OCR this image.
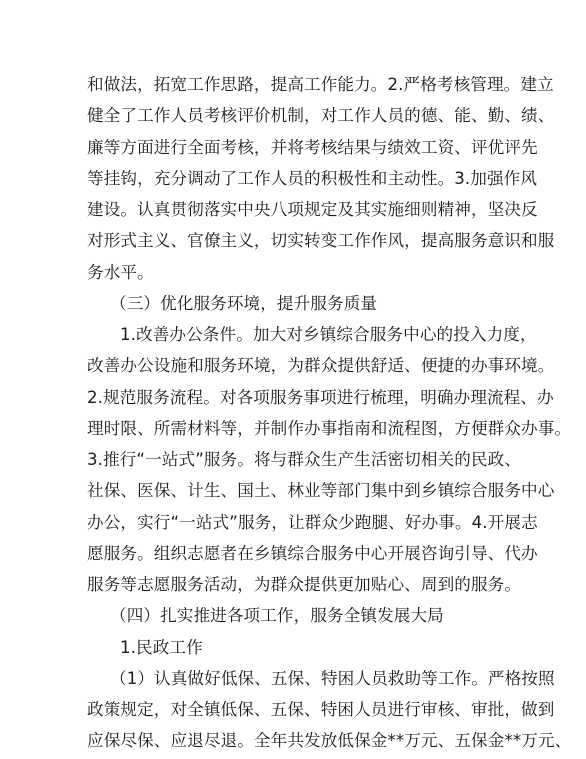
和做法，拓宽工作思路，提高工作能力。2.严格考核管理。建立
健全了工作人员考核评价机制，对工作人员的德、能、勤、绩、
廉等方面进行全面考核，并将考核结果与绩效工资、评优评先
等挂钩，充分调动了工作人员的积极性和主动性。3.加强作风
建设。认真贯彻落实中央八项规定及其实施细则精神，坚决反
对形式主义、官僚主义，切实转变工作作风，提高服务意识和服
务水平。
（三）优化服务环境，提升服务质量
1.改善办公条件。加大对乡镇综合服务中心的投入力度，
改善办公设施和服务环境，为群众提供舒适、便捷的办事环境。
2.规范服务流程。对各项服务事项进行梳理，明确办理流程、办
理时限、所需材料等，并制作办事指南和流程图，方便群众办事。
3.推行“一站式”服务。将与群众生产生活密切相关的民政、
社保、医保、计生、国土、林业等部门集中到乡镇综合服务中心
办公，实行“一站式”服务，让群众少跑腿、好办事。4.开展志
愿服务。组织志愿者在乡镇综合服务中心开展咨询引导、代办
服务等志愿服务活动，为群众提供更加贴心、周到的服务。
（四）扎实推进各项工作，服务全镇发展大局
1.民政工作
（1）认真做好低保、五保、特困人员救助等工作。严格按照
政策规定，对全镇低保、五保、特困人员进行审核、审批，做到
应保尽保、应退尽退。全年共发放低保金**万元、五保金**万元、
